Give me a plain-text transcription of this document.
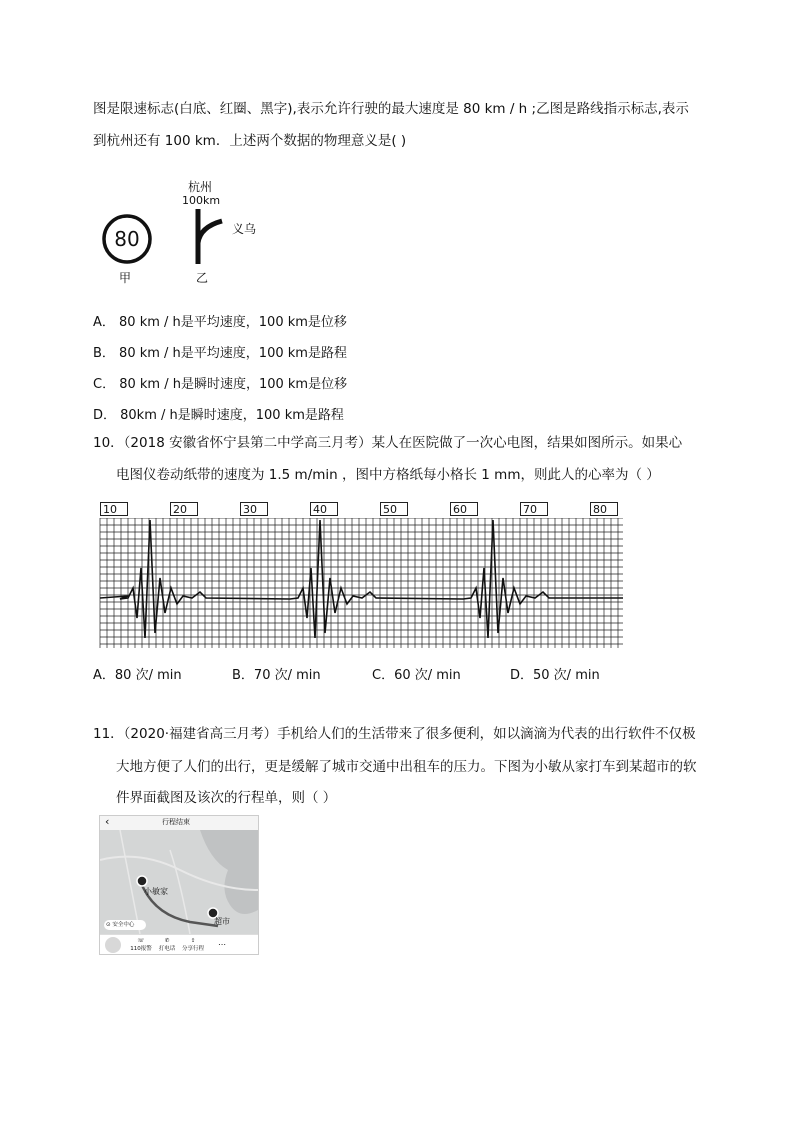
图是限速标志(白底、红圈、黑字),表示允许行驶的最大速度是 80 km / h ;乙图是路线指示标志,表示
到杭州还有 100 km．上述两个数据的物理意义是( )
80
甲
杭州
100km
义乌
乙
A． 80 km / h是平均速度，100 km是位移
B． 80 km / h是平均速度，100 km是路程
C． 80 km / h是瞬时速度，100 km是位移
D． 80km / h是瞬时速度，100 km是路程
10．（2018 安徽省怀宁县第二中学高三月考）某人在医院做了一次心电图，结果如图所示。如果心
电图仪卷动纸带的速度为 1.5 m/min ，图中方格纸每小格长 1 mm，则此人的心率为（ ）
10	20	30	40	50	60	70	80
A．80 次/ min	B．70 次/ min	C．60 次/ min	D．50 次/ min
11．（2020·福建省高三月考）手机给人们的生活带来了很多便利，如以滴滴为代表的出行软件不仅极
大地方便了人们的出行，更是缓解了城市交通中出租车的压力。下图为小敏从家打车到某超市的软
件界面截图及该次的行程单，则（ ）
‹	行程结束
小敏家
超市
⊙ 安全中心
☏
110报警
✆
打电话
⇪
分享行程 ⋯
